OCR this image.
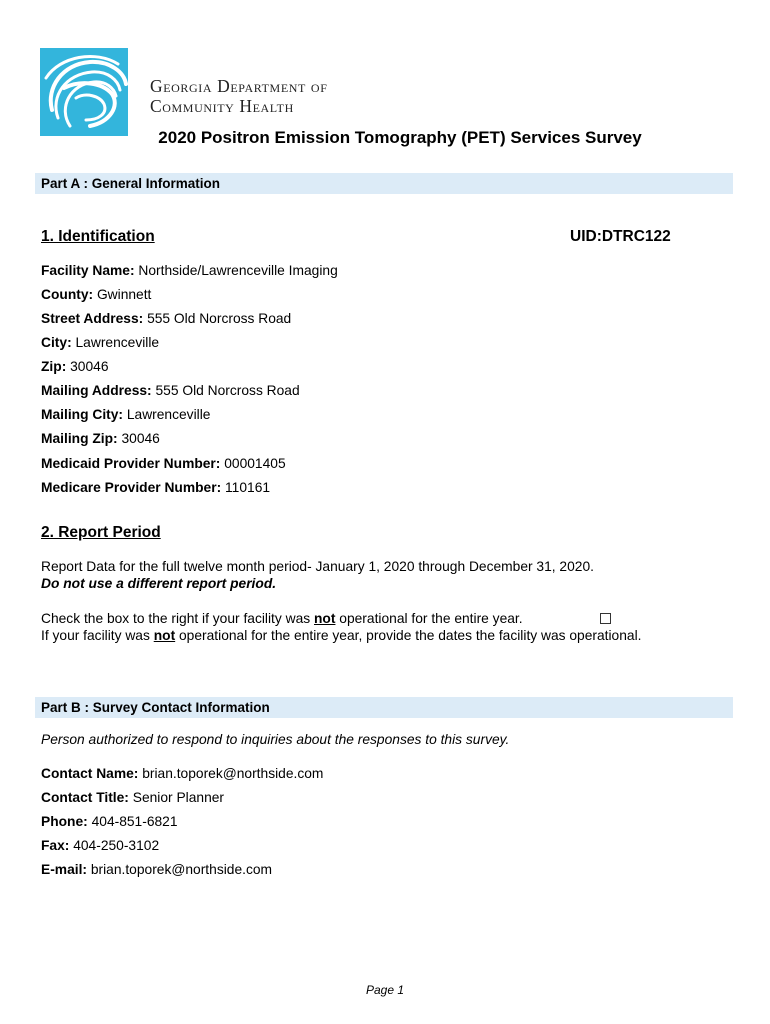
Georgia Department of
Community Health
2020 Positron Emission Tomography (PET) Services Survey
Part A : General Information
1. Identification	UID:DTRC122
Facility Name: Northside/Lawrenceville Imaging
County: Gwinnett
Street Address: 555 Old Norcross Road
City: Lawrenceville
Zip: 30046
Mailing Address: 555 Old Norcross Road
Mailing City: Lawrenceville
Mailing Zip: 30046
Medicaid Provider Number: 00001405
Medicare Provider Number: 110161
2. Report Period
Report Data for the full twelve month period- January 1, 2020 through December 31, 2020.
Do not use a different report period.
Check the box to the right if your facility was not operational for the entire year.
If your facility was not operational for the entire year, provide the dates the facility was operational.
Part B : Survey Contact Information
Person authorized to respond to inquiries about the responses to this survey.
Contact Name: brian.toporek@northside.com
Contact Title: Senior Planner
Phone: 404-851-6821
Fax: 404-250-3102
E-mail: brian.toporek@northside.com
Page 1
